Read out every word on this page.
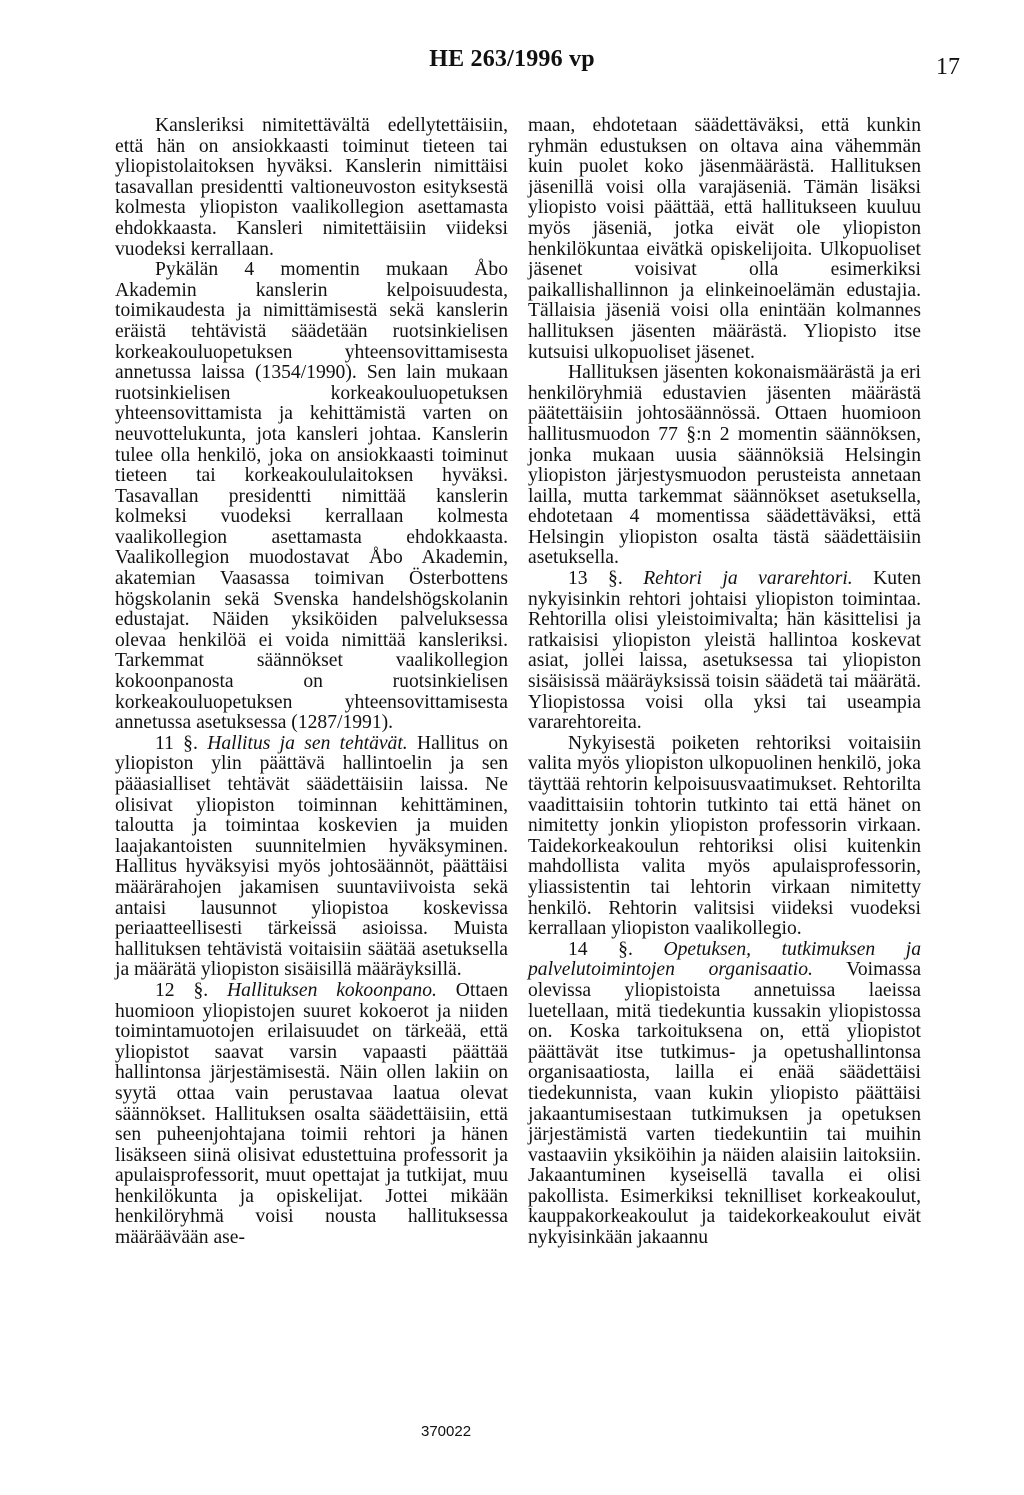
HE 263/1996 vp	17

Kansleriksi nimitettävältä edellytettäisiin, että hän on ansiokkaasti toiminut tieteen tai yliopistolaitoksen hyväksi. Kanslerin nimittäisi tasavallan presidentti valtioneuvoston esityksestä kolmesta yliopiston vaalikollegion asettamasta ehdokkaasta. Kansleri nimitettäisiin viideksi vuodeksi kerrallaan.

Pykälän 4 momentin mukaan Åbo Akademin kanslerin kelpoisuudesta, toimikaudesta ja nimittämisestä sekä kanslerin eräistä tehtävistä säädetään ruotsinkielisen korkeakouluopetuksen yhteensovittamisesta annetussa laissa (1354/1990). Sen lain mukaan ruotsinkielisen korkeakouluopetuksen yhteensovittamista ja kehittämistä varten on neuvottelukunta, jota kansleri johtaa. Kanslerin tulee olla henkilö, joka on ansiokkaasti toiminut tieteen tai korkeakoululaitoksen hyväksi. Tasavallan presidentti nimittää kanslerin kolmeksi vuodeksi kerrallaan kolmesta vaalikollegion asettamasta ehdokkaasta. Vaalikollegion muodostavat Åbo Akademin, akatemian Vaasassa toimivan Österbottens högskolanin sekä Svenska handelshögskolanin edustajat. Näiden yksiköiden palveluksessa olevaa henkilöä ei voida nimittää kansleriksi. Tarkemmat säännökset vaalikollegion kokoonpanosta on ruotsinkielisen korkeakouluopetuksen yhteensovittamisesta annetussa asetuksessa (1287/1991).

11 §. Hallitus ja sen tehtävät. Hallitus on yliopiston ylin päättävä hallintoelin ja sen pääasialliset tehtävät säädettäisiin laissa. Ne olisivat yliopiston toiminnan kehittäminen, taloutta ja toimintaa koskevien ja muiden laajakantoisten suunnitelmien hyväksyminen. Hallitus hyväksyisi myös johtosäännöt, päättäisi määrärahojen jakamisen suuntaviivoista sekä antaisi lausunnot yliopistoa koskevissa periaatteellisesti tärkeissä asioissa. Muista hallituksen tehtävistä voitaisiin säätää asetuksella ja määrätä yliopiston sisäisillä määräyksillä.

12 §. Hallituksen kokoonpano. Ottaen huomioon yliopistojen suuret kokoerot ja niiden toimintamuotojen erilaisuudet on tärkeää, että yliopistot saavat varsin vapaasti päättää hallintonsa järjestämisestä. Näin ollen lakiin on syytä ottaa vain perustavaa laatua olevat säännökset. Hallituksen osalta säädettäisiin, että sen puheenjohtajana toimii rehtori ja hänen lisäkseen siinä olisivat edustettuina professorit ja apulaisprofessorit, muut opettajat ja tutkijat, muu henkilökunta ja opiskelijat. Jottei mikään henkilöryhmä voisi nousta hallituksessa määräävään ase-

maan, ehdotetaan säädettäväksi, että kunkin ryhmän edustuksen on oltava aina vähemmän kuin puolet koko jäsenmäärästä. Hallituksen jäsenillä voisi olla varajäseniä. Tämän lisäksi yliopisto voisi päättää, että hallitukseen kuuluu myös jäseniä, jotka eivät ole yliopiston henkilökuntaa eivätkä opiskelijoita. Ulkopuoliset jäsenet voisivat olla esimerkiksi paikallishallinnon ja elinkeinoelämän edustajia. Tällaisia jäseniä voisi olla enintään kolmannes hallituksen jäsenten määrästä. Yliopisto itse kutsuisi ulkopuoliset jäsenet.

Hallituksen jäsenten kokonaismäärästä ja eri henkilöryhmiä edustavien jäsenten määrästä päätettäisiin johtosäännössä. Ottaen huomioon hallitusmuodon 77 §:n 2 momentin säännöksen, jonka mukaan uusia säännöksiä Helsingin yliopiston järjestysmuodon perusteista annetaan lailla, mutta tarkemmat säännökset asetuksella, ehdotetaan 4 momentissa säädettäväksi, että Helsingin yliopiston osalta tästä säädettäisiin asetuksella.

13 §. Rehtori ja vararehtori. Kuten nykyisinkin rehtori johtaisi yliopiston toimintaa. Rehtorilla olisi yleistoimivalta; hän käsittelisi ja ratkaisisi yliopiston yleistä hallintoa koskevat asiat, jollei laissa, asetuksessa tai yliopiston sisäisissä määräyksissä toisin säädetä tai määrätä. Yliopistossa voisi olla yksi tai useampia vararehtoreita.

Nykyisestä poiketen rehtoriksi voitaisiin valita myös yliopiston ulkopuolinen henkilö, joka täyttää rehtorin kelpoisuusvaatimukset. Rehtorilta vaadittaisiin tohtorin tutkinto tai että hänet on nimitetty jonkin yliopiston professorin virkaan. Taidekorkeakoulun rehtoriksi olisi kuitenkin mahdollista valita myös apulaisprofessorin, yliassistentin tai lehtorin virkaan nimitetty henkilö. Rehtorin valitsisi viideksi vuodeksi kerrallaan yliopiston vaalikollegio.

14 §. Opetuksen, tutkimuksen ja palvelutoimintojen organisaatio. Voimassa olevissa yliopistoista annetuissa laeissa luetellaan, mitä tiedekuntia kussakin yliopistossa on. Koska tarkoituksena on, että yliopistot päättävät itse tutkimus- ja opetushallintonsa organisaatiosta, lailla ei enää säädettäisi tiedekunnista, vaan kukin yliopisto päättäisi jakaantumisestaan tutkimuksen ja opetuksen järjestämistä varten tiedekuntiin tai muihin vastaaviin yksiköihin ja näiden alaisiin laitoksiin. Jakaantuminen kyseisellä tavalla ei olisi pakollista. Esimerkiksi teknilliset korkeakoulut, kauppakorkeakoulut ja taidekorkeakoulut eivät nykyisinkään jakaannu

370022
